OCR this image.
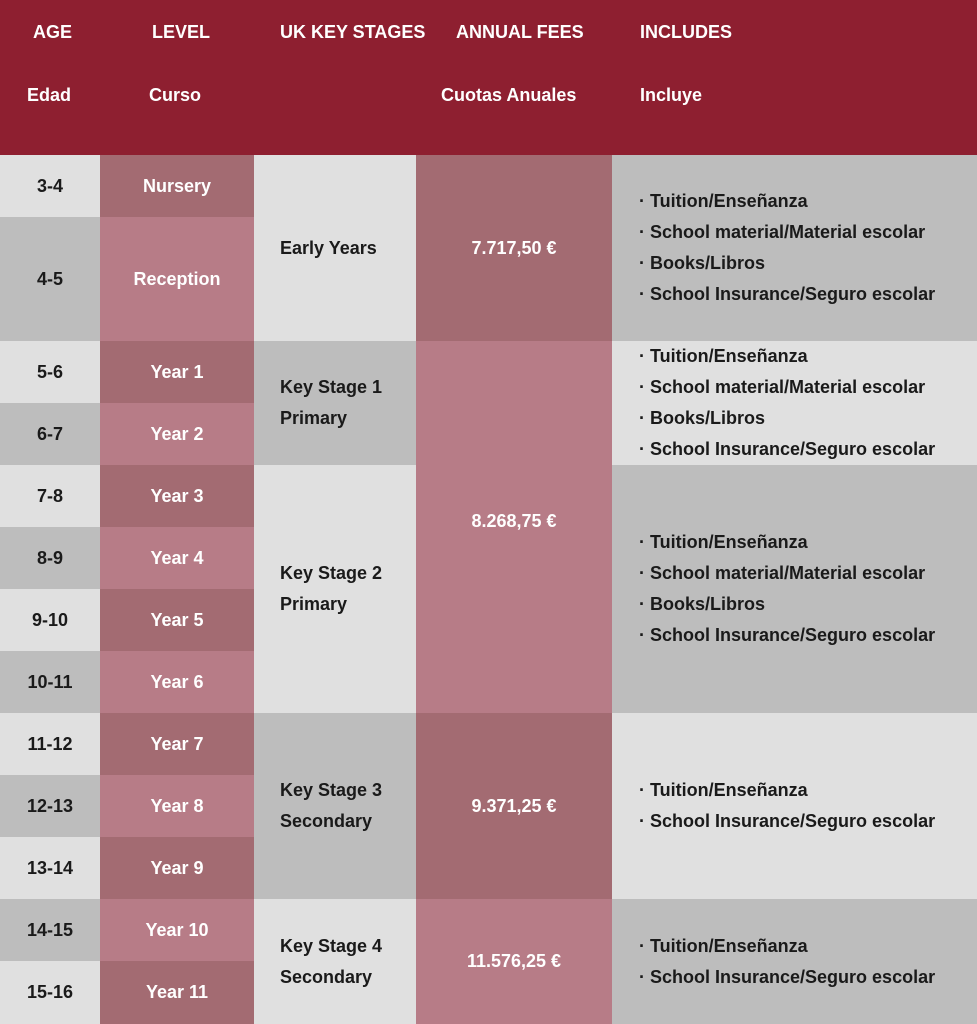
AGE
Edad
LEVEL
Curso
UK KEY STAGES ANNUAL FEES
Cuotas Anuales
INCLUDES
Incluye
3-4
4-5
5-6
6-7
7-8
8-9
9-10
10-11
11-12
12-13
13-14
14-15
15-16
Nursery
Reception
Year 1
Year 2
Year 3
Year 4
Year 5
Year 6
Year 7
Year 8
Year 9
Year 10
Year 11
Early Years
Key Stage 1
Primary
Key Stage 2
Primary
Key Stage 3
Secondary
Key Stage 4
Secondary
7.717,50 €
8.268,75 €
9.371,25 €
11.576,25 €
· Tuition/Enseñanza
· School material/Material escolar
· Books/Libros
· School Insurance/Seguro escolar
· Tuition/Enseñanza
· School material/Material escolar
· Books/Libros
· School Insurance/Seguro escolar
· Tuition/Enseñanza
· School material/Material escolar
· Books/Libros
· School Insurance/Seguro escolar
· Tuition/Enseñanza
· School Insurance/Seguro escolar
· Tuition/Enseñanza
· School Insurance/Seguro escolar
